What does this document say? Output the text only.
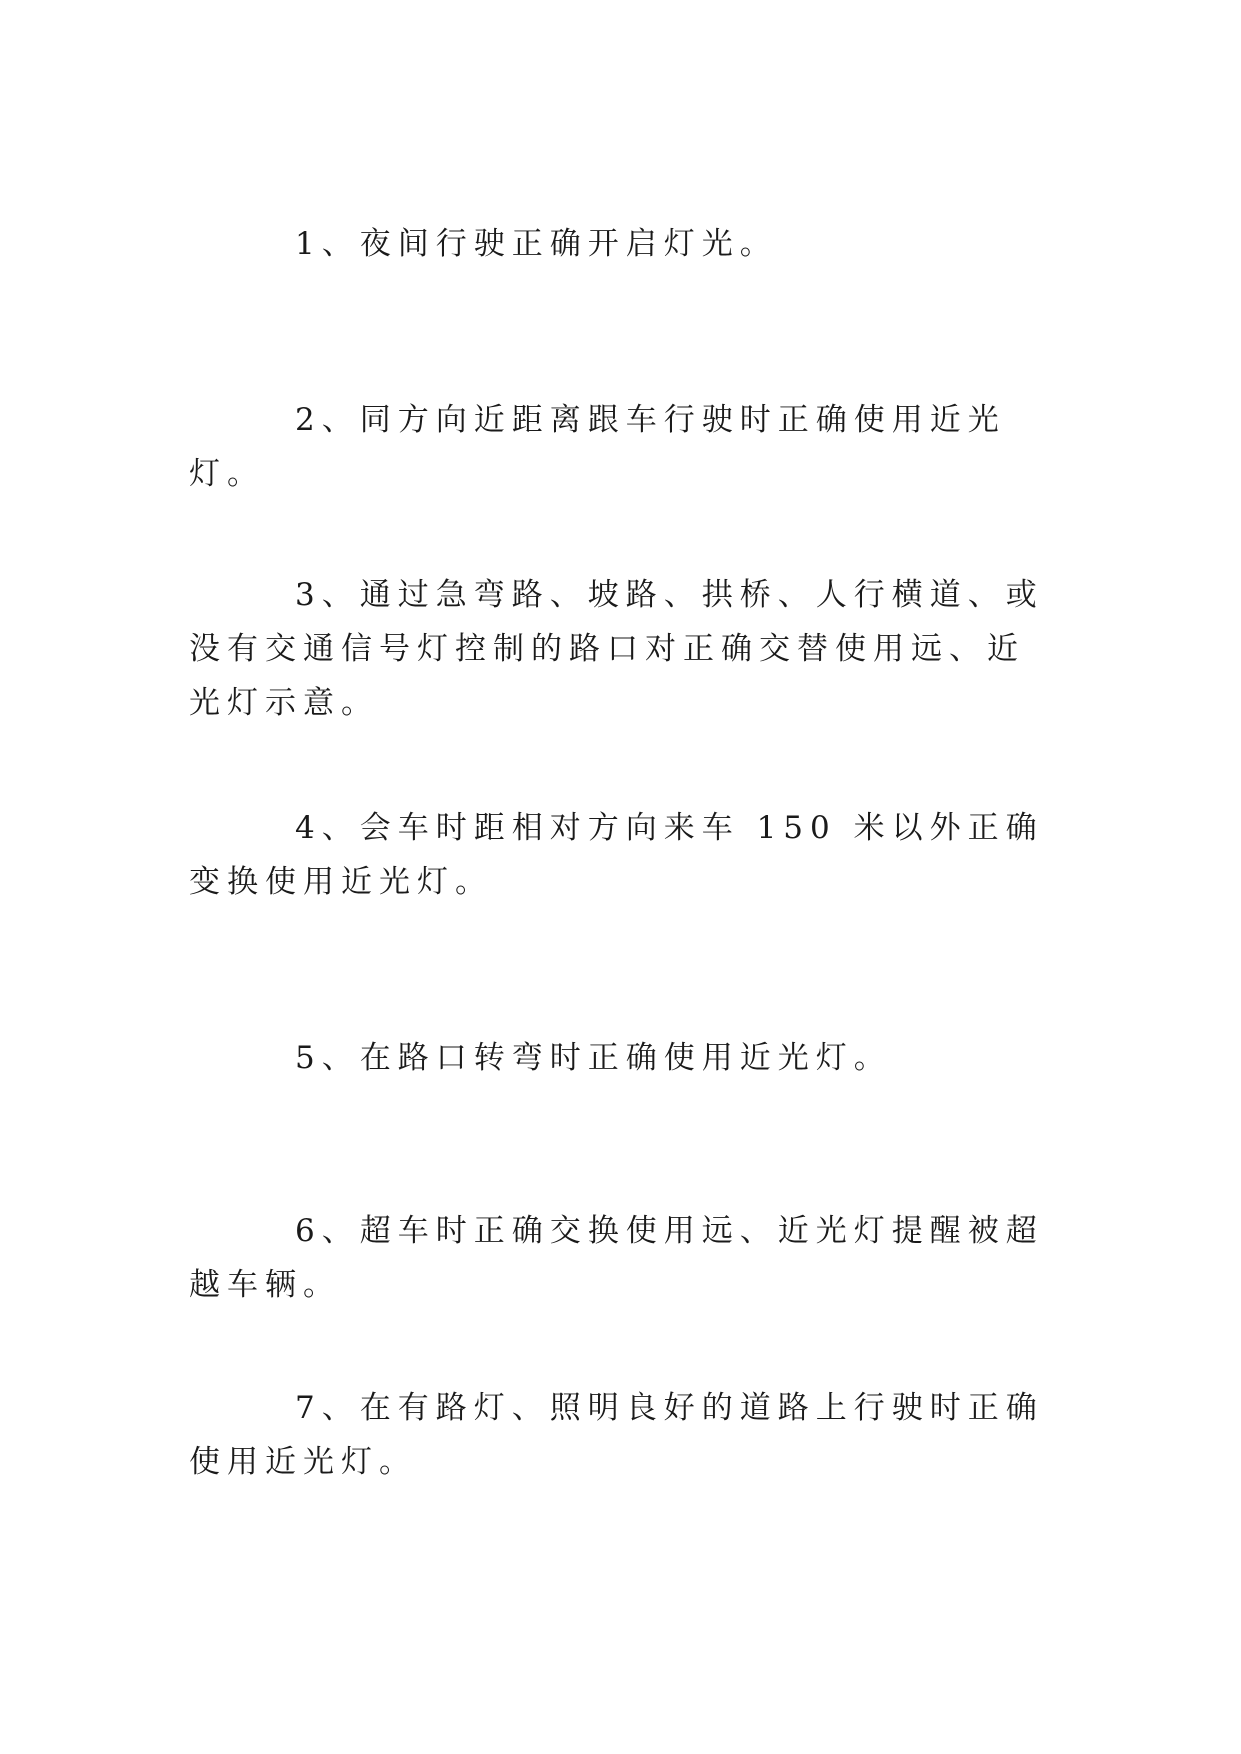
1、夜间行驶正确开启灯光。

2、同方向近距离跟车行驶时正确使用近光灯。

3、通过急弯路、坡路、拱桥、人行横道、或没有交通信号灯控制的路口对正确交替使用远、近光灯示意。

4、会车时距相对方向来车 150 米以外正确变换使用近光灯。

5、在路口转弯时正确使用近光灯。

6、超车时正确交换使用远、近光灯提醒被超越车辆。

7、在有路灯、照明良好的道路上行驶时正确使用近光灯。
